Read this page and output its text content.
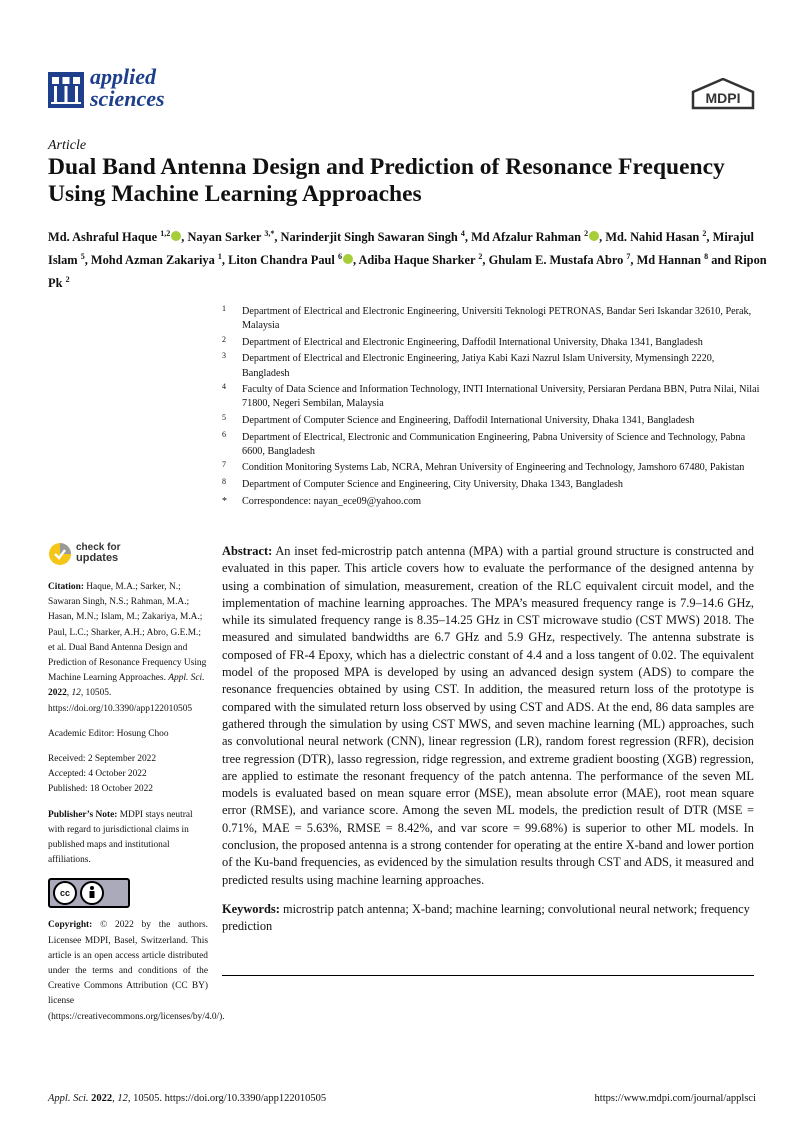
applied
sciences	MDPI
Article
Dual Band Antenna Design and Prediction of Resonance Frequency Using Machine Learning Approaches
Md. Ashraful Haque $^{1,2}$ , Nayan Sarker $^{3,*}$, Narinderjit Singh Sawaran Singh $^4$, Md Afzalur Rahman $^2$ , Md. Nahid Hasan $^2$, Mirajul Islam $^5$, Mohd Azman Zakariya $^1$, Liton Chandra Paul $^6$ , Adiba Haque Sharker $^2$, Ghulam E. Mustafa Abro $^7$, Md Hannan $^8$ and Ripon Pk $^2$
1 Department of Electrical and Electronic Engineering, Universiti Teknologi PETRONAS, Bandar Seri Iskandar 32610, Perak, Malaysia
2 Department of Electrical and Electronic Engineering, Daffodil International University, Dhaka 1341, Bangladesh
3 Department of Electrical and Electronic Engineering, Jatiya Kabi Kazi Nazrul Islam University, Mymensingh 2220, Bangladesh
4 Faculty of Data Science and Information Technology, INTI International University, Persiaran Perdana BBN, Putra Nilai, Nilai 71800, Negeri Sembilan, Malaysia
5 Department of Computer Science and Engineering, Daffodil International University, Dhaka 1341, Bangladesh
6 Department of Electrical, Electronic and Communication Engineering, Pabna University of Science and Technology, Pabna 6600, Bangladesh
7 Condition Monitoring Systems Lab, NCRA, Mehran University of Engineering and Technology, Jamshoro 67480, Pakistan
8 Department of Computer Science and Engineering, City University, Dhaka 1343, Bangladesh
* Correspondence: nayan_ece09@yahoo.com
check for
updates

Citation: Haque, M.A.; Sarker, N.; Sawaran Singh, N.S.; Rahman, M.A.; Hasan, M.N.; Islam, M.; Zakariya, M.A.; Paul, L.C.; Sharker, A.H.; Abro, G.E.M.; et al. Dual Band Antenna Design and Prediction of Resonance Frequency Using Machine Learning Approaches. Appl. Sci. 2022, 12, 10505. https://doi.org/10.3390/app122010505

Academic Editor: Hosung Choo

Received: 2 September 2022
Accepted: 4 October 2022

Published: 18 October 2022

Publisher’s Note: MDPI stays neutral with regard to jurisdictional claims in published maps and institutional affiliations.

cc

Copyright: © 2022 by the authors. Licensee MDPI, Basel, Switzerland. This article is an open access article distributed under the terms and conditions of the Creative Commons Attribution (CC BY) license (https://creativecommons.org/licenses/by/4.0/).

Abstract: An inset fed-microstrip patch antenna (MPA) with a partial ground structure is constructed and evaluated in this paper. This article covers how to evaluate the performance of the designed antenna by using a combination of simulation, measurement, creation of the RLC equivalent circuit model, and the implementation of machine learning approaches. The MPA’s measured frequency range is 7.9–14.6 GHz, while its simulated frequency range is 8.35–14.25 GHz in CST microwave studio (CST MWS) 2018. The measured and simulated bandwidths are 6.7 GHz and 5.9 GHz, respectively. The antenna substrate is composed of FR-4 Epoxy, which has a dielectric constant of 4.4 and a loss tangent of 0.02. The equivalent model of the proposed MPA is developed by using an advanced design system (ADS) to compare the resonance frequencies obtained by using CST. In addition, the measured return loss of the prototype is compared with the simulated return loss observed by using CST and ADS. At the end, 86 data samples are gathered through the simulation by using CST MWS, and seven machine learning (ML) approaches, such as convolutional neural network (CNN), linear regression (LR), random forest regression (RFR), decision tree regression (DTR), lasso regression, ridge regression, and extreme gradient boosting (XGB) regression, are applied to estimate the resonant frequency of the patch antenna. The performance of the seven ML models is evaluated based on mean square error (MSE), mean absolute error (MAE), root mean square error (RMSE), and variance score. Among the seven ML models, the prediction result of DTR (MSE = 0.71%, MAE = 5.63%, RMSE = 8.42%, and var score = 99.68%) is superior to other ML models. In conclusion, the proposed antenna is a strong contender for operating at the entire X-band and lower portion of the Ku-band frequencies, as evidenced by the simulation results through CST and ADS, it measured and predicted results using machine learning approaches.

Keywords: microstrip patch antenna; X-band; machine learning; convolutional neural network; frequency prediction

Appl. Sci. 2022, 12, 10505. https://doi.org/10.3390/app122010505	https://www.mdpi.com/journal/applsci
